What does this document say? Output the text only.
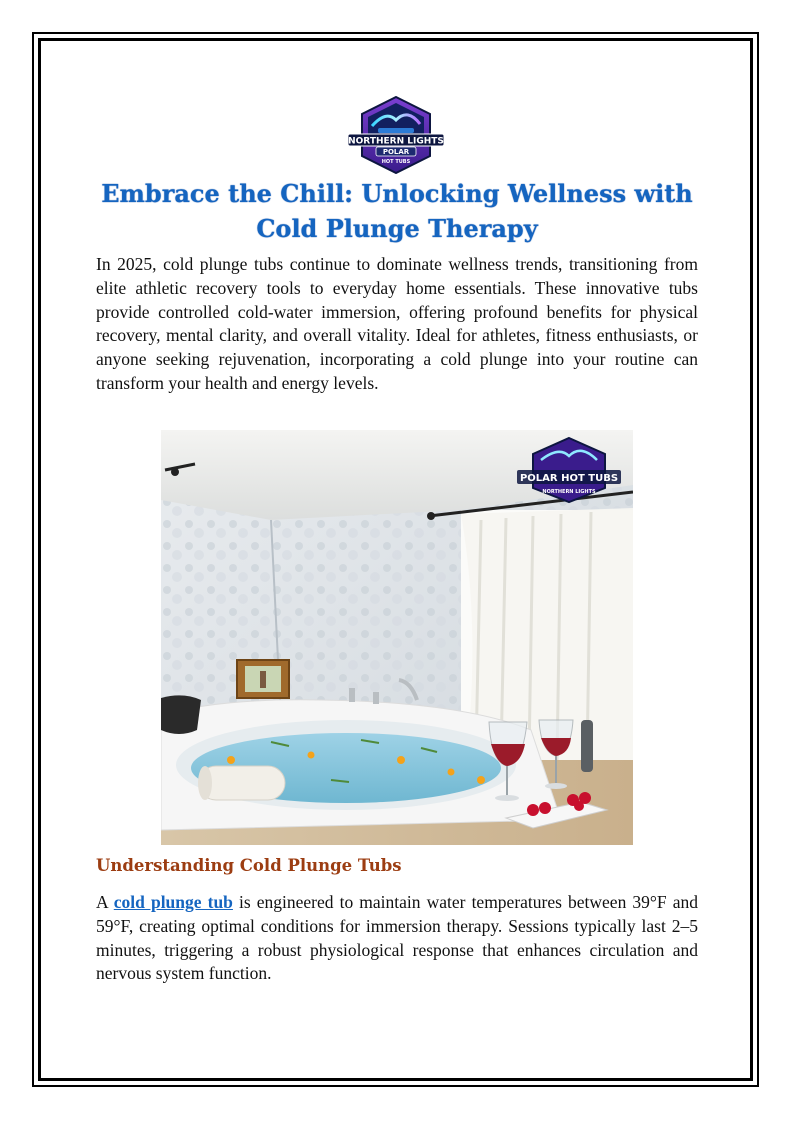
NORTHERN LIGHTS
POLAR
HOT TUBS
Embrace the Chill: Unlocking Wellness with Cold Plunge Therapy

In 2025, cold plunge tubs continue to dominate wellness trends, transitioning from elite athletic recovery tools to everyday home essentials. These innovative tubs provide controlled cold-water immersion, offering profound benefits for physical recovery, mental clarity, and overall vitality. Ideal for athletes, fitness enthusiasts, or anyone seeking rejuvenation, incorporating a cold plunge into your routine can transform your health and energy levels.

POLAR HOT TUBS
NORTHERN LIGHTS
Understanding Cold Plunge Tubs

A cold plunge tub is engineered to maintain water temperatures between 39°F and 59°F, creating optimal conditions for immersion therapy. Sessions typically last 2–5 minutes, triggering a robust physiological response that enhances circulation and nervous system function.
